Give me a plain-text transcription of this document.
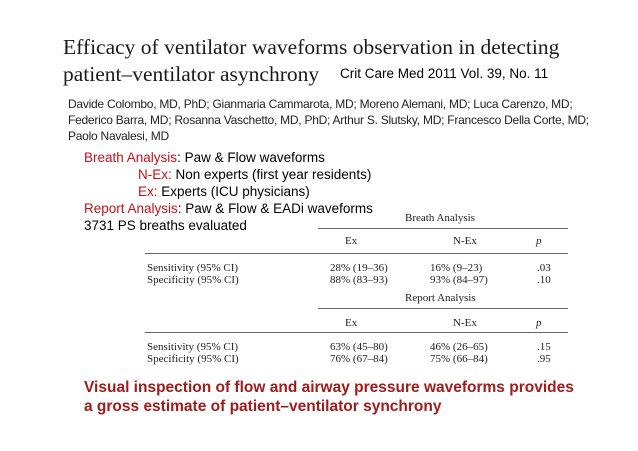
Efficacy of ventilator waveforms observation in detecting
patient–ventilator asynchrony	Crit Care Med 2011 Vol. 39, No. 11
Davide Colombo, MD, PhD; Gianmaria Cammarota, MD; Moreno Alemani, MD; Luca Carenzo, MD;
Federico Barra, MD; Rosanna Vaschetto, MD, PhD; Arthur S. Slutsky, MD; Francesco Della Corte, MD;
Paolo Navalesi, MD
Breath Analysis: Paw & Flow waveforms
N-Ex: Non experts (first year residents)
Ex: Experts (ICU physicians)
Report Analysis: Paw & Flow & EADi waveforms
3731 PS breaths evaluated	Breath Analysis
Ex	N-Ex	p
Sensitivity (95% CI)	28% (19–36)	16% (9–23)	.03
Specificity (95% CI)	88% (83–93)	93% (84–97)	.10
Report Analysis
Ex	N-Ex	p
Sensitivity (95% CI)	63% (45–80)	46% (26–65)	.15
Specificity (95% CI)	76% (67–84)	75% (66–84)	.95
Visual inspection of flow and airway pressure waveforms provides
a gross estimate of patient–ventilator synchrony
